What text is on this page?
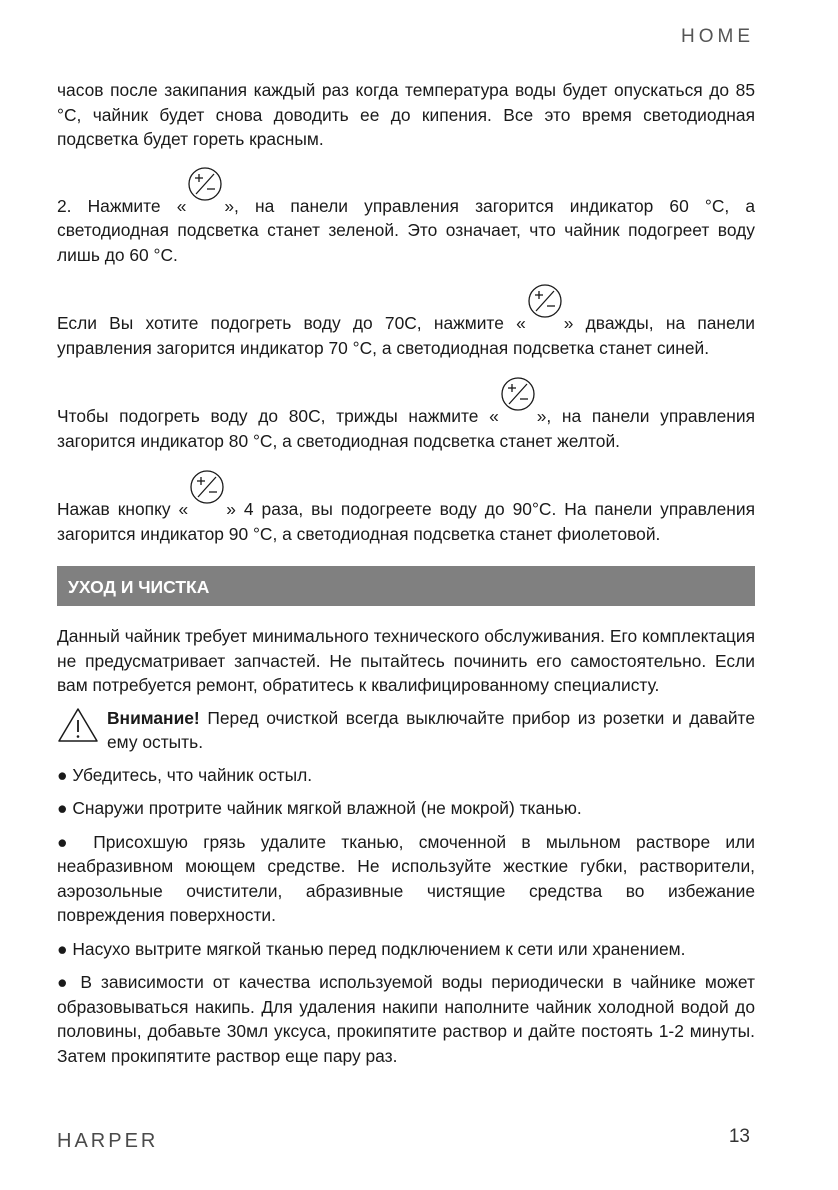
HOME

часов после закипания каждый раз когда температура воды будет опускаться до 85 °С, чайник будет снова доводить ее до кипения. Все это время светодиодная подсветка будет гореть красным.

2. Нажмите « », на панели управления загорится индикатор 60 °С, а светодиодная подсветка станет зеленой. Это означает, что чайник подогреет воду лишь до 60 °С.

Если Вы хотите подогреть воду до 70С, нажмите « » дважды, на панели управления загорится индикатор 70 °С, а светодиодная подсветка станет синей.

Чтобы подогреть воду до 80С, трижды нажмите « », на панели управления загорится индикатор 80 °С, а светодиодная подсветка станет желтой.

Нажав кнопку « » 4 раза, вы подогреете воду до 90°С. На панели управления загорится индикатор 90 °С, а светодиодная подсветка станет фиолетовой.

УХОД И ЧИСТКА

Данный чайник требует минимального технического обслуживания. Его комплектация не предусматривает запчастей. Не пытайтесь починить его самостоятельно. Если вам потребуется ремонт, обратитесь к квалифицированному специалисту.

Внимание! Перед очисткой всегда выключайте прибор из розетки и давайте ему остыть.

● Убедитесь, что чайник остыл.

● Снаружи протрите чайник мягкой влажной (не мокрой) тканью.

● Присохшую грязь удалите тканью, смоченной в мыльном растворе или неабразивном моющем средстве. Не используйте жесткие губки, растворители, аэрозольные очистители, абразивные чистящие средства во избежание повреждения поверхности.

● Насухо вытрите мягкой тканью перед подключением к сети или хранением.

● В зависимости от качества используемой воды периодически в чайнике может образовываться накипь. Для удаления накипи наполните чайник холодной водой до половины, добавьте 30мл уксуса, прокипятите раствор и дайте постоять 1-2 минуты. Затем прокипятите раствор еще пару раз.

HARPER	13
